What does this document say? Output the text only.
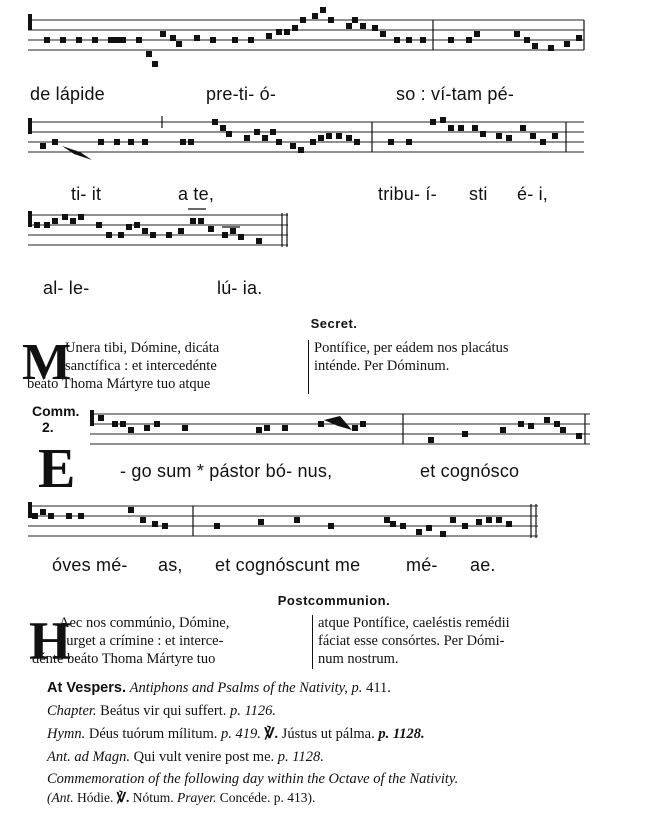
de lápide	pre-ti- ó-	so : ví-tam pé-
ti- it	a te,	tribu- í- sti é- i,
al- le-	lú- ia.
Secret.
M
Unera tibi, Dómine, dicáta
sanctífica : et intercedénte
beáto Thoma Mártyre tuo atque
Pontífice, per eádem nos placátus
inténde. Per Dóminum.
Comm.
2.
E - go sum * pástor bó- nus,	et cognósco
óves mé- as, et cognóscunt me	mé- ae.
Postcommunion.
H
Aec nos commúnio, Dómine,
purget a crímine : et interce-
dénte beáto Thoma Mártyre tuo
atque Pontífice, caeléstis remédii
fáciat esse consórtes. Per Dómi-
num nostrum.
At Vespers. Antiphons and Psalms of the Nativity, p. 411.
Chapter. Beátus vir qui suffert. p. 1126.
Hymn. Déus tuórum mílitum. p. 419. ℣. Jústus ut pálma. p. 1128.
Ant. ad Magn. Qui vult venire post me. p. 1128.
Commemoration of the following day within the Octave of the Nativity.
(Ant. Hódie. ℣. Nótum. Prayer. Concéde. p. 413).
